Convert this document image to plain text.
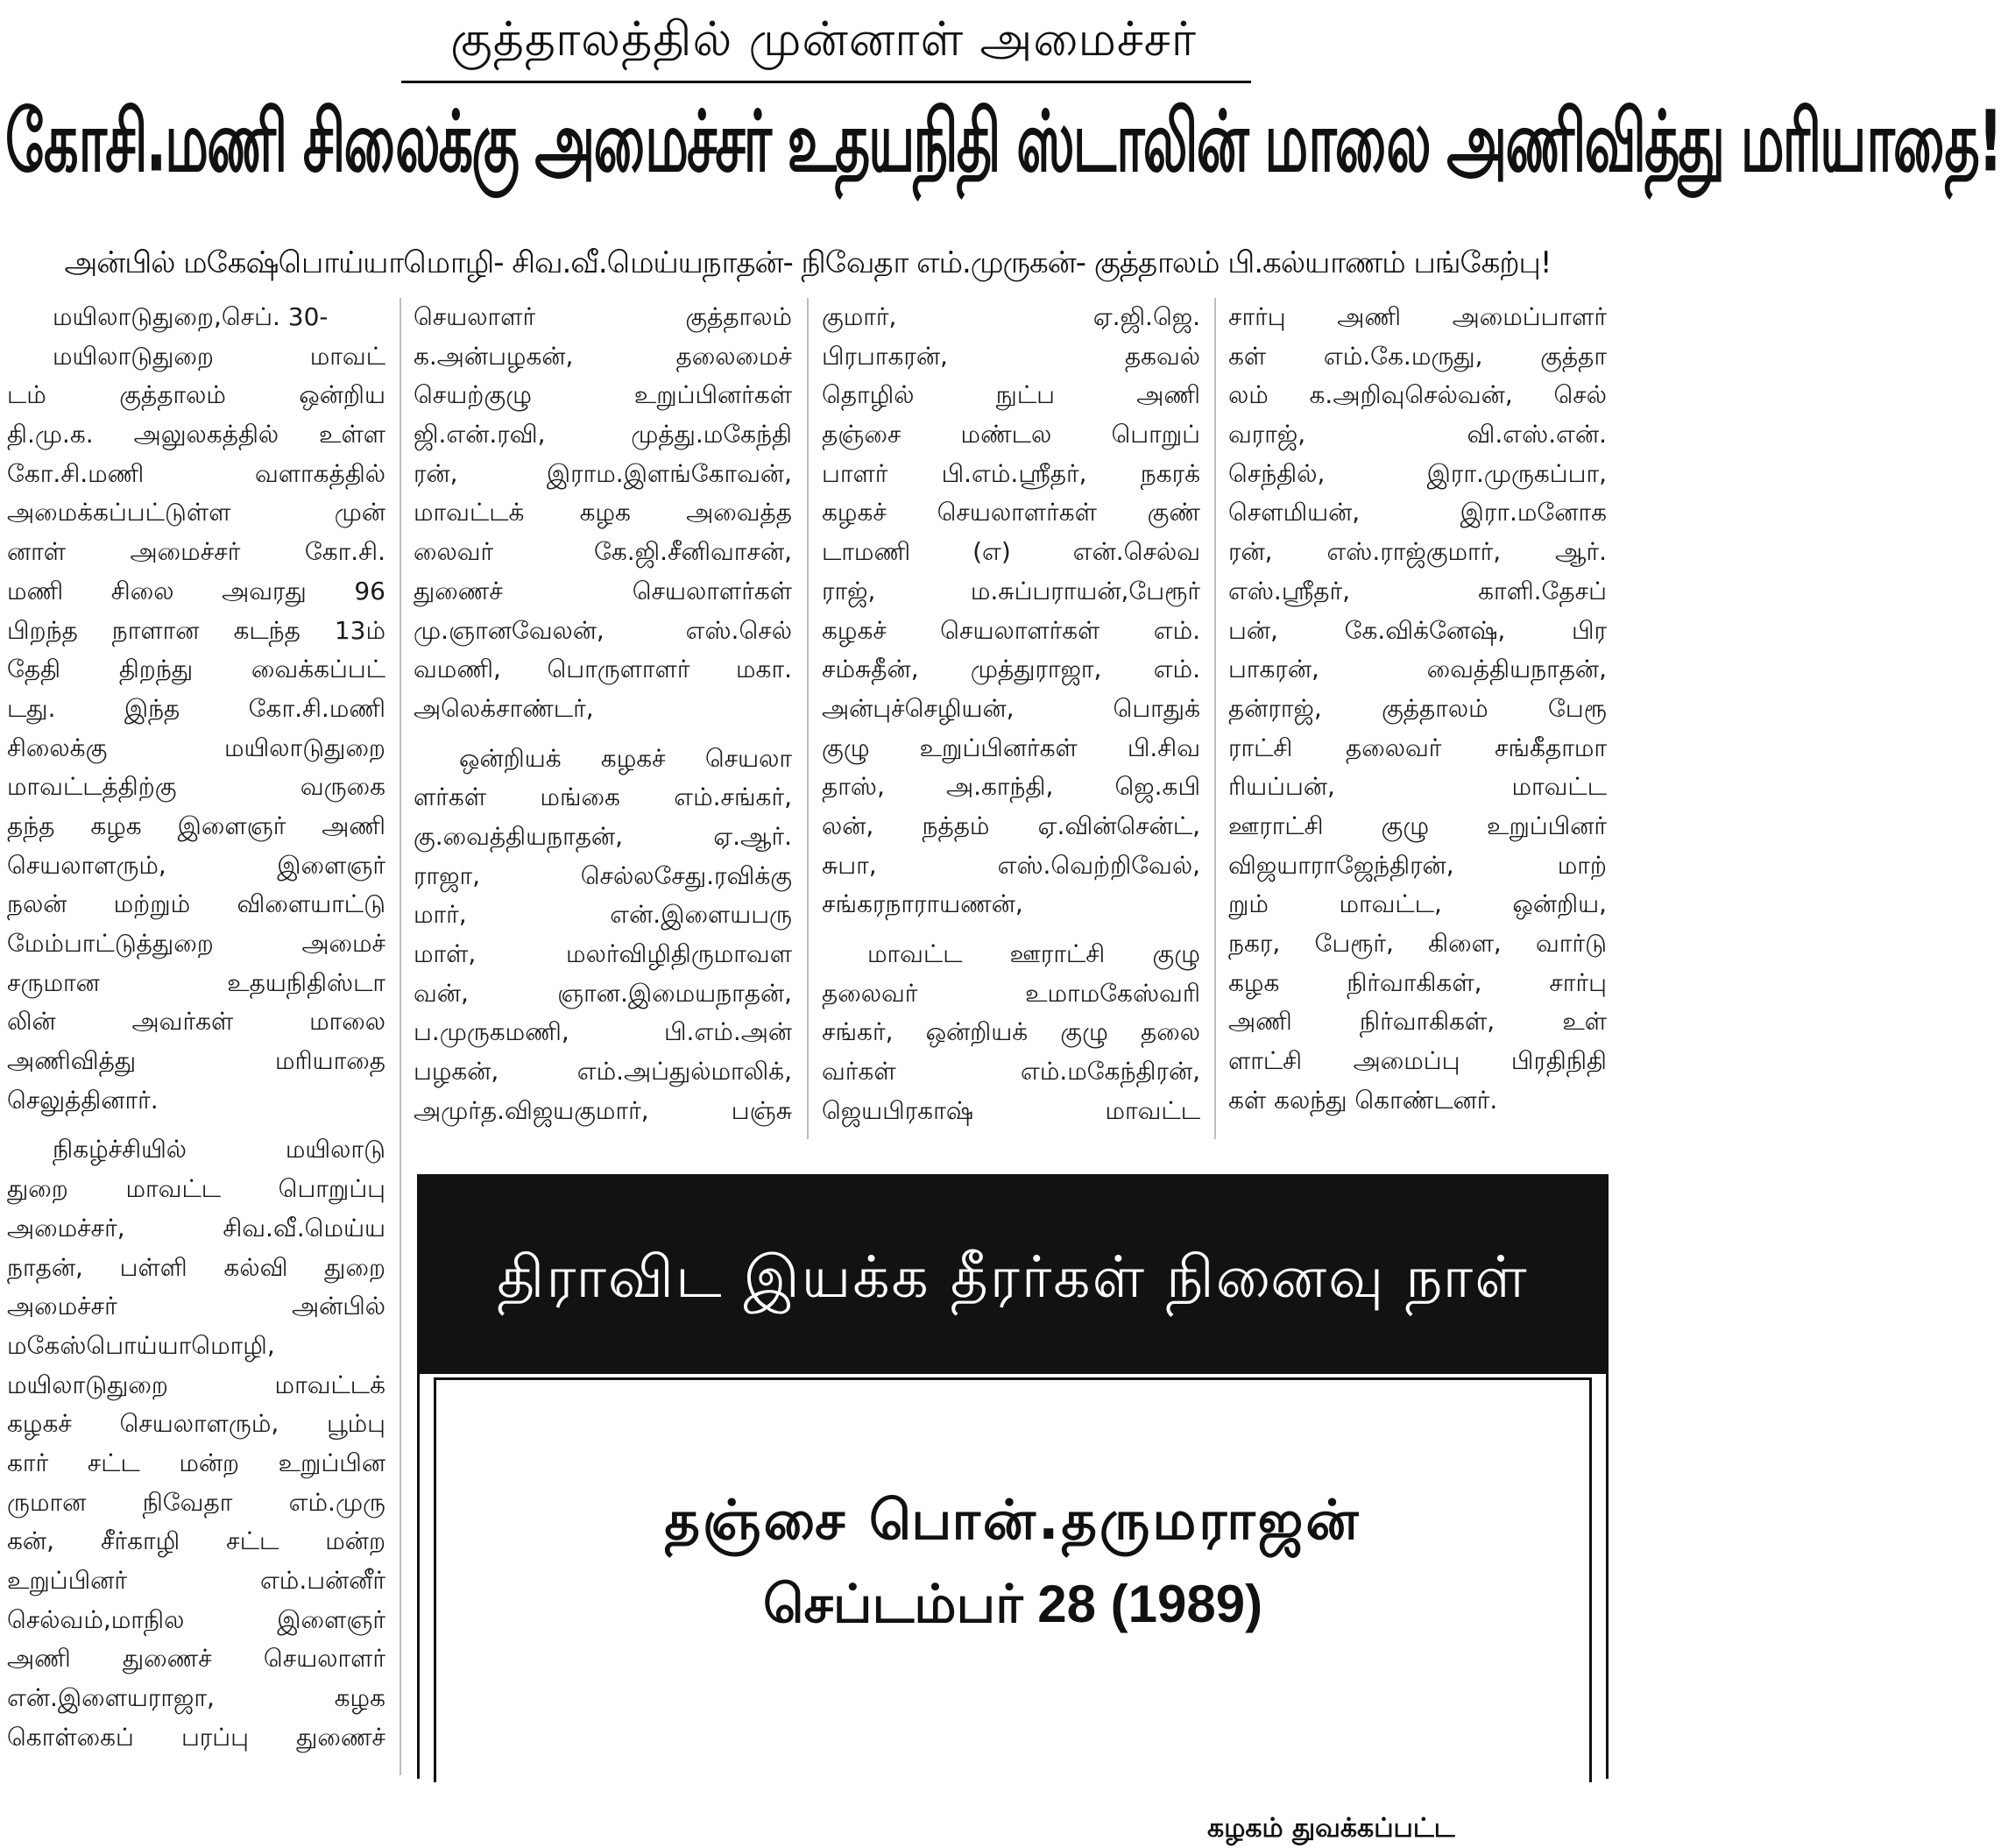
குத்தாலத்தில் முன்னாள் அமைச்சர்
கோசி.மணி சிலைக்கு அமைச்சர் உதயநிதி ஸ்டாலின் மாலை அணிவித்து மரியாதை!
அன்பில் மகேஷ்பொய்யாமொழி- சிவ.வீ.மெய்யநாதன்- நிவேதா எம்.முருகன்- குத்தாலம் பி.கல்யாணம் பங்கேற்பு!
மயிலாடுதுறை,செப். 30-
மயிலாடுதுறை மாவட்
டம் குத்தாலம் ஒன்றிய
தி.மு.க. அலுலகத்தில் உள்ள
கோ.சி.மணி வளாகத்தில்
அமைக்கப்பட்டுள்ள முன்
னாள் அமைச்சர் கோ.சி.
மணி சிலை அவரது 96
பிறந்த நாளான கடந்த 13ம்
தேதி திறந்து வைக்கப்பட்
டது. இந்த கோ.சி.மணி
சிலைக்கு மயிலாடுதுறை
மாவட்டத்திற்கு வருகை
தந்த கழக இளைஞர் அணி
செயலாளரும், இளைஞர்
நலன் மற்றும் விளையாட்டு
மேம்பாட்டுத்துறை அமைச்
சருமான உதயநிதிஸ்டா
லின் அவர்கள் மாலை
அணிவித்து மரியாதை
செலுத்தினார்.
நிகழ்ச்சியில் மயிலாடு
துறை மாவட்ட பொறுப்பு
அமைச்சர், சிவ.வீ.மெய்ய
நாதன், பள்ளி கல்வி துறை
அமைச்சர் அன்பில்
மகேஸ்பொய்யாமொழி,
மயிலாடுதுறை மாவட்டக்
கழகச் செயலாளரும், பூம்பு
கார் சட்ட மன்ற உறுப்பின
ருமான நிவேதா எம்.முரு
கன், சீர்காழி சட்ட மன்ற
உறுப்பினர் எம்.பன்னீர்
செல்வம்,மாநில இளைஞர்
அணி துணைச் செயலாளர்
என்.இளையராஜா, கழக
கொள்கைப் பரப்பு துணைச்
செயலாளர் குத்தாலம்
க.அன்பழகன், தலைமைச்
செயற்குழு உறுப்பினர்கள்
ஜி.என்.ரவி, முத்து.மகேந்தி
ரன், இராம.இளங்கோவன்,
மாவட்டக் கழக அவைத்த
லைவர் கே.ஜி.சீனிவாசன்,
துணைச் செயலாளர்கள்
மு.ஞானவேலன், எஸ்.செல்
வமணி, பொருளாளர் மகா.
அலெக்சாண்டர்,
ஒன்றியக் கழகச் செயலா
ளர்கள் மங்கை எம்.சங்கர்,
கு.வைத்தியநாதன், ஏ.ஆர்.
ராஜா, செல்லசேது.ரவிக்கு
மார், என்.இளையபரு
மாள், மலர்விழிதிருமாவள
வன், ஞான.இமையநாதன்,
ப.முருகமணி, பி.எம்.அன்
பழகன், எம்.அப்துல்மாலிக்,
அமுர்த.விஜயகுமார், பஞ்சு
குமார், ஏ.ஜி.ஜெ.
பிரபாகரன், தகவல்
தொழில் நுட்ப அணி
தஞ்சை மண்டல பொறுப்
பாளர் பி.எம்.ஸ்ரீதர், நகரக்
கழகச் செயலாளர்கள் குண்
டாமணி (எ) என்.செல்வ
ராஜ், ம.சுப்பராயன்,பேரூர்
கழகச் செயலாளர்கள் எம்.
சம்சுதீன், முத்துராஜா, எம்.
அன்புச்செழியன், பொதுக்
குழு உறுப்பினர்கள் பி.சிவ
தாஸ், அ.காந்தி, ஜெ.கபி
லன், நத்தம் ஏ.வின்சென்ட்,
சுபா, எஸ்.வெற்றிவேல்,
சங்கரநாராயணன்,
மாவட்ட ஊராட்சி குழு
தலைவர் உமாமகேஸ்வரி
சங்கர், ஒன்றியக் குழு தலை
வர்கள் எம்.மகேந்திரன்,
ஜெயபிரகாஷ் மாவட்ட
சார்பு அணி அமைப்பாளர்
கள் எம்.கே.மருது, குத்தா
லம் க.அறிவுசெல்வன், செல்
வராஜ், வி.எஸ்.என்.
செந்தில், இரா.முருகப்பா,
சௌமியன், இரா.மனோக
ரன், எஸ்.ராஜ்குமார், ஆர்.
எஸ்.ஸ்ரீதர், காளி.தேசப்
பன், கே.விக்னேஷ், பிர
பாகரன், வைத்தியநாதன்,
தன்ராஜ், குத்தாலம் பேரூ
ராட்சி தலைவர் சங்கீதாமா
ரியப்பன், மாவட்ட
ஊராட்சி குழு உறுப்பினர்
விஜயாராஜேந்திரன், மாற்
றும் மாவட்ட, ஒன்றிய,
நகர, பேரூர், கிளை, வார்டு
கழக நிர்வாகிகள், சார்பு
அணி நிர்வாகிகள், உள்
ளாட்சி அமைப்பு பிரதிநிதி
கள் கலந்து கொண்டனர்.
திராவிட இயக்க தீரர்கள் நினைவு நாள்
தஞ்சை பொன்.தருமராஜன்
செப்டம்பர் 28 (1989)
கழகம் துவக்கப்பட்ட
